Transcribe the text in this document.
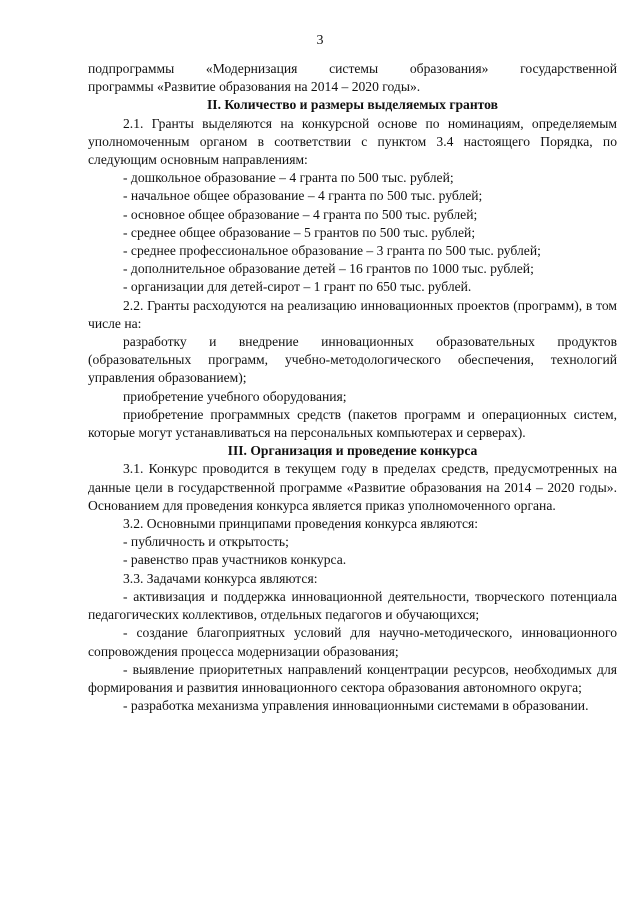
3

подпрограммы «Модернизация системы образования» государственной

программы «Развитие образования на 2014 – 2020 годы».

II. Количество и размеры выделяемых грантов

2.1. Гранты выделяются на конкурсной основе по номинациям, определяемым уполномоченным органом в соответствии с пунктом 3.4 настоящего Порядка, по следующим основным направлениям:

- дошкольное образование – 4 гранта по 500 тыс. рублей;

- начальное общее образование – 4 гранта по 500 тыс. рублей;

- основное общее образование – 4 гранта по 500 тыс. рублей;

- среднее общее образование – 5 грантов по 500 тыс. рублей;

- среднее профессиональное образование – 3 гранта по 500 тыс. рублей;

- дополнительное образование детей – 16 грантов по 1000 тыс. рублей;

- организации для детей-сирот – 1 грант по 650 тыс. рублей.

2.2. Гранты расходуются на реализацию инновационных проектов (программ), в том числе на:

разработку и внедрение инновационных образовательных продуктов (образовательных программ, учебно-методологического обеспечения, технологий управления образованием);

приобретение учебного оборудования;

приобретение программных средств (пакетов программ и операционных систем, которые могут устанавливаться на персональных компьютерах и серверах).

III. Организация и проведение конкурса

3.1. Конкурс проводится в текущем году в пределах средств, предусмотренных на данные цели в государственной программе «Развитие образования на 2014 – 2020 годы». Основанием для проведения конкурса является приказ уполномоченного органа.

3.2. Основными принципами проведения конкурса являются:

- публичность и открытость;

- равенство прав участников конкурса.

3.3. Задачами конкурса являются:

- активизация и поддержка инновационной деятельности, творческого потенциала педагогических коллективов, отдельных педагогов и обучающихся;

- создание благоприятных условий для научно-методического, инновационного сопровождения процесса модернизации образования;

- выявление приоритетных направлений концентрации ресурсов, необходимых для формирования и развития инновационного сектора образования автономного округа;

- разработка механизма управления инновационными системами в образовании.
